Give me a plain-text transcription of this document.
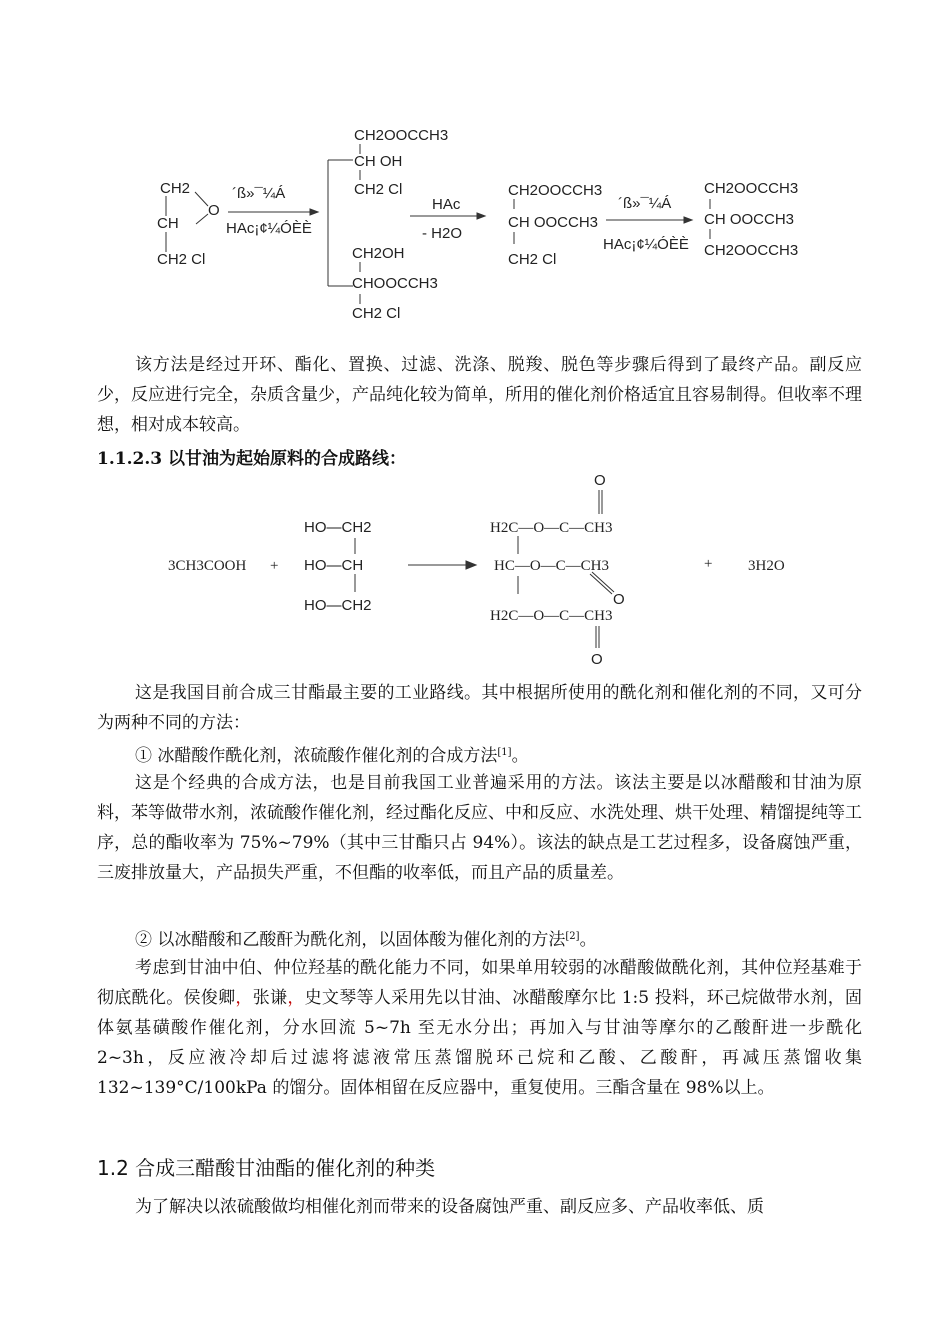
CH2
O
CH
CH2 Cl
´ß»¯¼Á
HAc¡¢¼ÓÈÈ
CH2OOCCH3
CH OH
CH2 Cl
CH2OH
CHOOCCH3
CH2 Cl
HAc
- H2O
CH2OOCCH3
CH OOCCH3
CH2 Cl
´ß»¯¼Á
HAc¡¢¼ÓÈÈ
CH2OOCCH3
CH OOCCH3
CH2OOCCH3
该方法是经过开环、酯化、置换、过滤、洗涤、脱羧、脱色等步骤后得到了最终产品。副反应少，反应进行完全，杂质含量少，产品纯化较为简单，所用的催化剂价格适宜且容易制得。但收率不理想，相对成本较高。
1.1.2.3 以甘油为起始原料的合成路线：
3CH3COOH +
HO—CH2
HO—CH
HO—CH2
O
H2C—O—C—CH3
HC—O—C—CH3
O
H2C—O—C—CH3
O
+ 3H2O
这是我国目前合成三甘酯最主要的工业路线。其中根据所使用的酰化剂和催化剂的不同，又可分为两种不同的方法：
① 冰醋酸作酰化剂，浓硫酸作催化剂的合成方法[1]。
这是个经典的合成方法，也是目前我国工业普遍采用的方法。该法主要是以冰醋酸和甘油为原料，苯等做带水剂，浓硫酸作催化剂，经过酯化反应、中和反应、水洗处理、烘干处理、精馏提纯等工序，总的酯收率为 75%~79%（其中三甘酯只占 94%）。该法的缺点是工艺过程多，设备腐蚀严重，三废排放量大，产品损失严重，不但酯的收率低，而且产品的质量差。
② 以冰醋酸和乙酸酐为酰化剂，以固体酸为催化剂的方法[2]。
考虑到甘油中伯、仲位羟基的酰化能力不同，如果单用较弱的冰醋酸做酰化剂，其仲位羟基难于彻底酰化。侯俊卿，张谦，史文琴等人采用先以甘油、冰醋酸摩尔比 1:5 投料，环己烷做带水剂，固体氨基磺酸作催化剂，分水回流 5~7h 至无水分出；再加入与甘油等摩尔的乙酸酐进一步酰化 2~3h，反应液冷却后过滤将滤液常压蒸馏脱环己烷和乙酸、乙酸酐，再减压蒸馏收集 132~139°C/100kPa 的馏分。固体相留在反应器中，重复使用。三酯含量在 98%以上。
1.2 合成三醋酸甘油酯的催化剂的种类
为了解决以浓硫酸做均相催化剂而带来的设备腐蚀严重、副反应多、产品收率低、质
